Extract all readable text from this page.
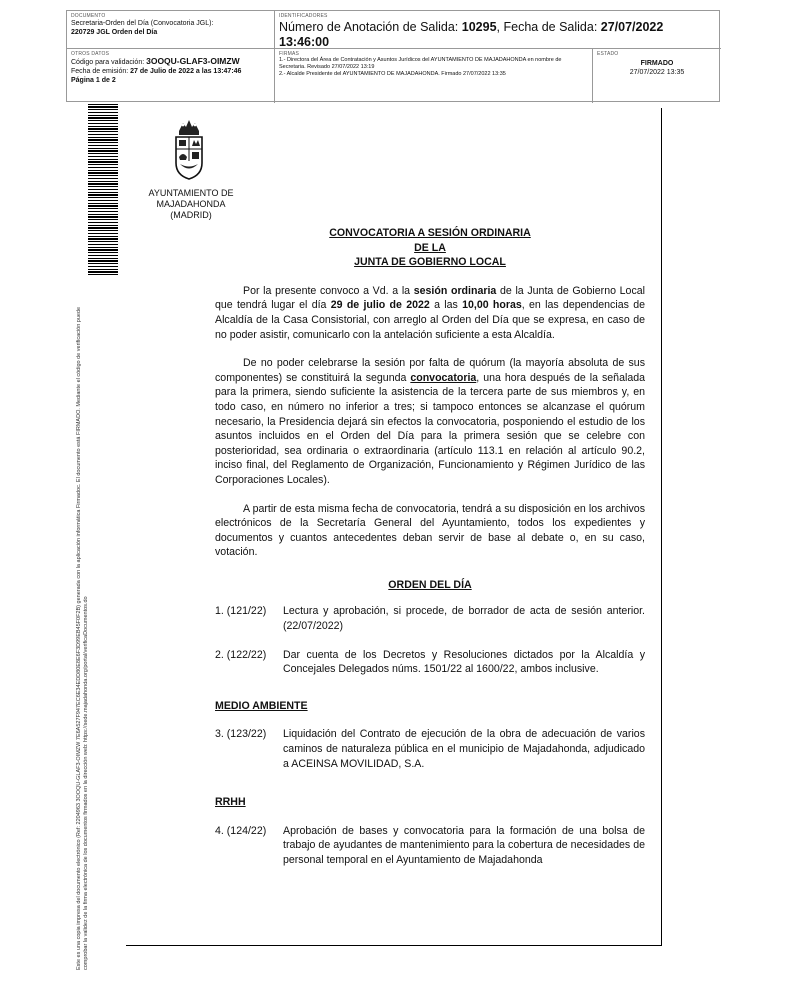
DOCUMENTO
Secretaria-Orden del Día (Convocatoria JGL):
220729 JGL Orden del Día
IDENTIFICADORES
Número de Anotación de Salida: 10295, Fecha de Salida: 27/07/2022
13:46:00
OTROS DATOS
Código para validación: 3OOQU-GLAF3-OIMZW
Fecha de emisión: 27 de Julio de 2022 a las 13:47:46
Página 1 de 2
FIRMAS
1.- Directora del Área de Contratación y Asuntos Jurídicos del AYUNTAMIENTO DE MAJADAHONDA en nombre de Secretaria. Revisado 27/07/2022 13:19
2.- Alcalde Presidente del AYUNTAMIENTO DE MAJADAHONDA. Firmado 27/07/2022 13:35
ESTADO
FIRMADO
27/07/2022 13:35
Este es una copia impresa del documento electrónico (Ref: 2204963 3OOQU-GLAF3-OIMZW 7E6A527F947EC6E34EDD80E8E6F3D99EB45F0F2B) generada con la aplicación informática Firmadoc. El documento está FIRMADO. Mediante el código de verificación puede comprobar la validez de la firma electrónica de los documentos firmados en la dirección web: https://sede.majadahonda.org/portal/verificaDocumentos.do
AYUNTAMIENTO DE
MAJADAHONDA
(MADRID)
CONVOCATORIA A SESIÓN ORDINARIA
DE LA
JUNTA DE GOBIERNO LOCAL

Por la presente convoco a Vd. a la sesión ordinaria de la Junta de Gobierno Local que tendrá lugar el día 29 de julio de 2022 a las 10,00 horas, en las dependencias de Alcaldía de la Casa Consistorial, con arreglo al Orden del Día que se expresa, en caso de no poder asistir, comunicarlo con la antelación suficiente a esta Alcaldía.

De no poder celebrarse la sesión por falta de quórum (la mayoría absoluta de sus componentes) se constituirá la segunda convocatoria, una hora después de la señalada para la primera, siendo suficiente la asistencia de la tercera parte de sus miembros y, en todo caso, en número no inferior a tres; si tampoco entonces se alcanzase el quórum necesario, la Presidencia dejará sin efectos la convocatoria, posponiendo el estudio de los asuntos incluidos en el Orden del Día para la primera sesión que se celebre con posterioridad, sea ordinaria o extraordinaria (artículo 113.1 en relación al artículo 90.2, inciso final, del Reglamento de Organización, Funcionamiento y Régimen Jurídico de las Corporaciones Locales).

A partir de esta misma fecha de convocatoria, tendrá a su disposición en los archivos electrónicos de la Secretaría General del Ayuntamiento, todos los expedientes y documentos y cuantos antecedentes deban servir de base al debate o, en su caso, votación.

ORDEN DEL DÍA
1. (121/22)	Lectura y aprobación, si procede, de borrador de acta de sesión anterior. (22/07/2022)
2. (122/22)	Dar cuenta de los Decretos y Resoluciones dictados por la Alcaldía y Concejales Delegados núms. 1501/22 al 1600/22, ambos inclusive.
MEDIO AMBIENTE
3. (123/22)	Liquidación del Contrato de ejecución de la obra de adecuación de varios caminos de naturaleza pública en el municipio de Majadahonda, adjudicado a ACEINSA MOVILIDAD, S.A.
RRHH
4. (124/22)	Aprobación de bases y convocatoria para la formación de una bolsa de trabajo de ayudantes de mantenimiento para la cobertura de necesidades de personal temporal en el Ayuntamiento de Majadahonda
